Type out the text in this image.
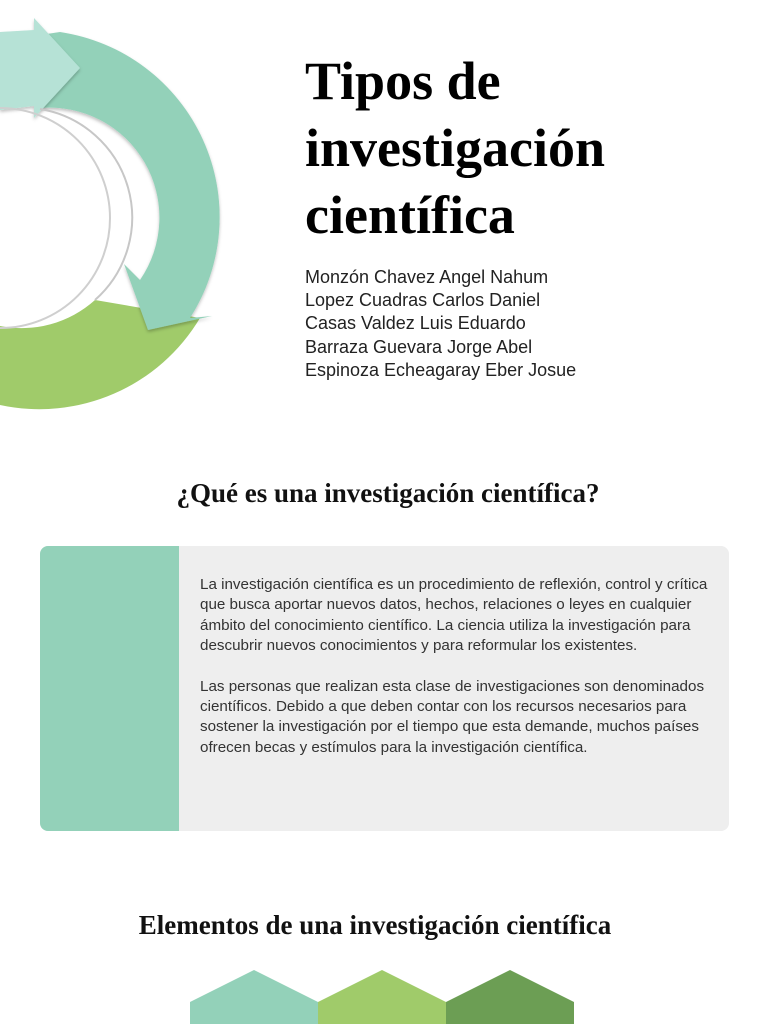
Tipos de
investigación
científica
Monzón Chavez Angel Nahum
Lopez Cuadras Carlos Daniel
Casas Valdez Luis Eduardo
Barraza Guevara Jorge Abel
Espinoza Echeagaray Eber Josue
¿Qué es una investigación científica?

La investigación científica es un procedimiento de reflexión, control y crítica que busca aportar nuevos datos, hechos, relaciones o leyes en cualquier ámbito del conocimiento científico. La ciencia utiliza la investigación para descubrir nuevos conocimientos y para reformular los existentes.

Las personas que realizan esta clase de investigaciones son denominados científicos. Debido a que deben contar con los recursos necesarios para sostener la investigación por el tiempo que esta demande, muchos países ofrecen becas y estímulos para la investigación científica.

Elementos de una investigación científica
